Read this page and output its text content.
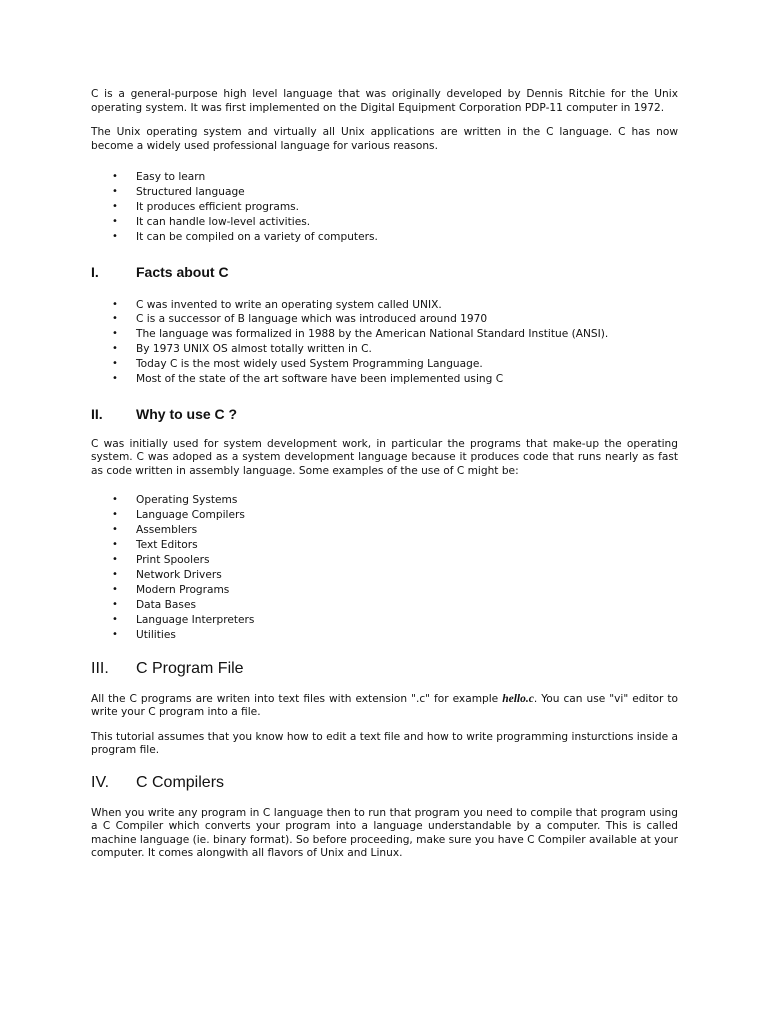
C is a general-purpose high level language that was originally developed by Dennis Ritchie for the Unix operating system. It was first implemented on the Digital Equipment Corporation PDP-11 computer in 1972.

The Unix operating system and virtually all Unix applications are written in the C language. C has now become a widely used professional language for various reasons.

• Easy to learn
• Structured language
• It produces efficient programs.
• It can handle low-level activities.
• It can be compiled on a variety of computers.
I.	Facts about C
• C was invented to write an operating system called UNIX.
• C is a successor of B language which was introduced around 1970
• The language was formalized in 1988 by the American National Standard Institue (ANSI).
• By 1973 UNIX OS almost totally written in C.
• Today C is the most widely used System Programming Language.
• Most of the state of the art software have been implemented using C
II. Why to use C ?

C was initially used for system development work, in particular the programs that make-up the operating system. C was adoped as a system development language because it produces code that runs nearly as fast as code written in assembly language. Some examples of the use of C might be:

• Operating Systems
• Language Compilers
• Assemblers
• Text Editors
• Print Spoolers
• Network Drivers
• Modern Programs
• Data Bases
• Language Interpreters
• Utilities
III. C Program File

All the C programs are writen into text files with extension ".c" for example hello.c. You can use "vi" editor to write your C program into a file.

This tutorial assumes that you know how to edit a text file and how to write programming insturctions inside a program file.

IV. C Compilers

When you write any program in C language then to run that program you need to compile that program using a C Compiler which converts your program into a language understandable by a computer. This is called machine language (ie. binary format). So before proceeding, make sure you have C Compiler available at your computer. It comes alongwith all flavors of Unix and Linux.
